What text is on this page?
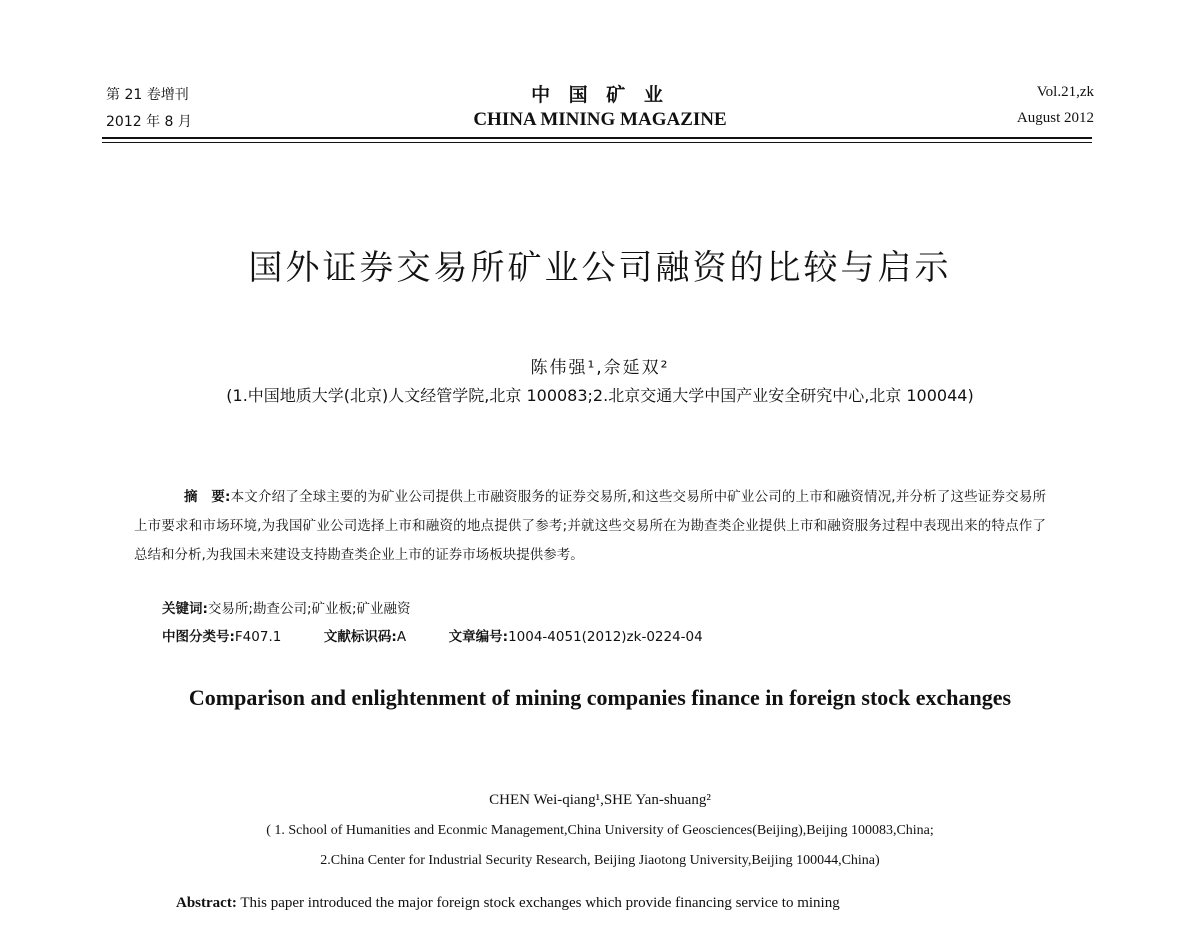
第 21 卷增刊
2012 年 8 月
中 国 矿 业
CHINA MINING MAGAZINE
Vol.21,zk
August 2012
国外证券交易所矿业公司融资的比较与启示
陈伟强¹,佘延双²
(1.中国地质大学(北京)人文经管学院,北京 100083;2.北京交通大学中国产业安全研究中心,北京 100044)

摘　要:本文介绍了全球主要的为矿业公司提供上市融资服务的证券交易所,和这些交易所中矿业公司的上市和融资情况,并分析了这些证券交易所上市要求和市场环境,为我国矿业公司选择上市和融资的地点提供了参考;并就这些交易所在为勘查类企业提供上市和融资服务过程中表现出来的特点作了总结和分析,为我国未来建设支持勘查类企业上市的证券市场板块提供参考。

关键词:交易所;勘查公司;矿业板;矿业融资
中图分类号:F407.1	文献标识码:A	文章编号:1004-4051(2012)zk-0224-04
Comparison and enlightenment of mining companies finance in foreign stock exchanges
CHEN Wei-qiang¹,SHE Yan-shuang²
( 1. School of Humanities and Econmic Management,China University of Geosciences(Beijing),Beijing 100083,China;
2.China Center for Industrial Security Research, Beijing Jiaotong University,Beijing 100044,China)
Abstract: This paper introduced the major foreign stock exchanges which provide financing service to mining
